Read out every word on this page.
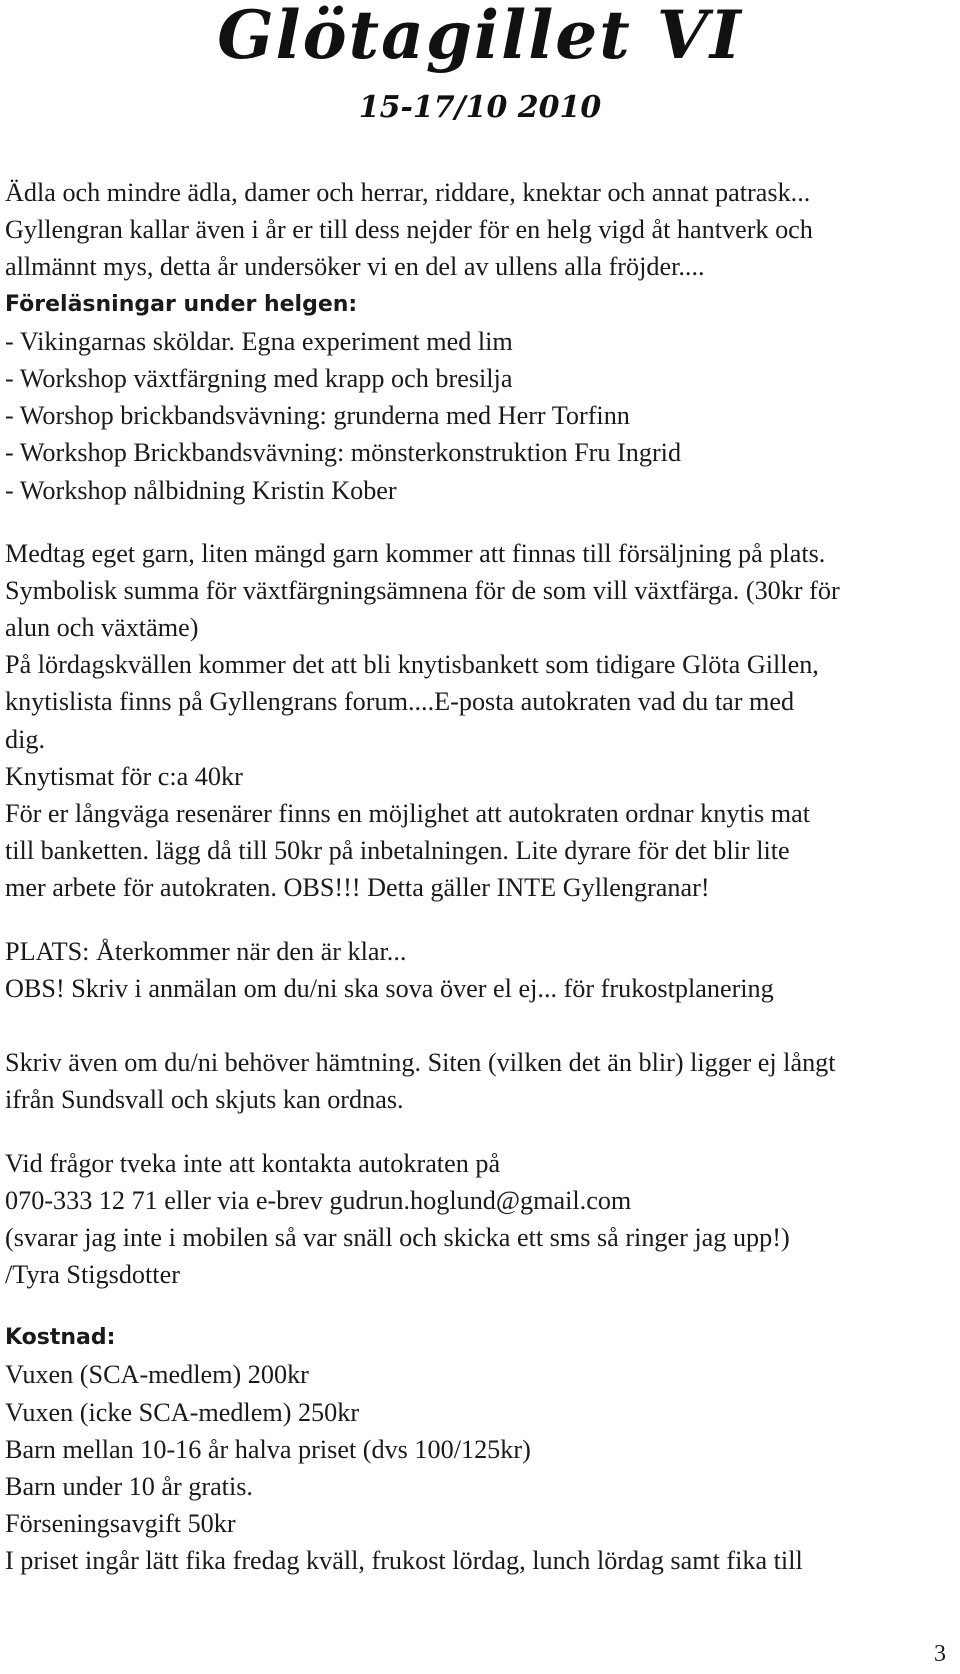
Glötagillet VI
15-17/10 2010
Ädla och mindre ädla, damer och herrar, riddare, knektar och annat patrask...
Gyllengran kallar även i år er till dess nejder för en helg vigd åt hantverk och
allmännt mys, detta år undersöker vi en del av ullens alla fröjder....
Föreläsningar under helgen:
- Vikingarnas sköldar. Egna experiment med lim
- Workshop växtfärgning med krapp och bresilja
- Worshop brickbandsvävning: grunderna med Herr Torfinn
- Workshop Brickbandsvävning: mönsterkonstruktion Fru Ingrid
- Workshop nålbidning Kristin Kober
Medtag eget garn, liten mängd garn kommer att finnas till försäljning på plats.
Symbolisk summa för växtfärgningsämnena för de som vill växtfärga. (30kr för
alun och växtäme)
På lördagskvällen kommer det att bli knytisbankett som tidigare Glöta Gillen,
knytislista finns på Gyllengrans forum....E-posta autokraten vad du tar med
dig.
Knytismat för c:a 40kr
För er långväga resenärer finns en möjlighet att autokraten ordnar knytis mat
till banketten. lägg då till 50kr på inbetalningen. Lite dyrare för det blir lite
mer arbete för autokraten. OBS!!! Detta gäller INTE Gyllengranar!
PLATS: Återkommer när den är klar...
OBS! Skriv i anmälan om du/ni ska sova över el ej... för frukostplanering
Skriv även om du/ni behöver hämtning. Siten (vilken det än blir) ligger ej långt
ifrån Sundsvall och skjuts kan ordnas.
Vid frågor tveka inte att kontakta autokraten på
070-333 12 71 eller via e-brev gudrun.hoglund@gmail.com
(svarar jag inte i mobilen så var snäll och skicka ett sms så ringer jag upp!)
/Tyra Stigsdotter
Kostnad:
Vuxen (SCA-medlem) 200kr
Vuxen (icke SCA-medlem) 250kr
Barn mellan 10-16 år halva priset (dvs 100/125kr)
Barn under 10 år gratis.
Förseningsavgift 50kr
I priset ingår lätt fika fredag kväll, frukost lördag, lunch lördag samt fika till
3
